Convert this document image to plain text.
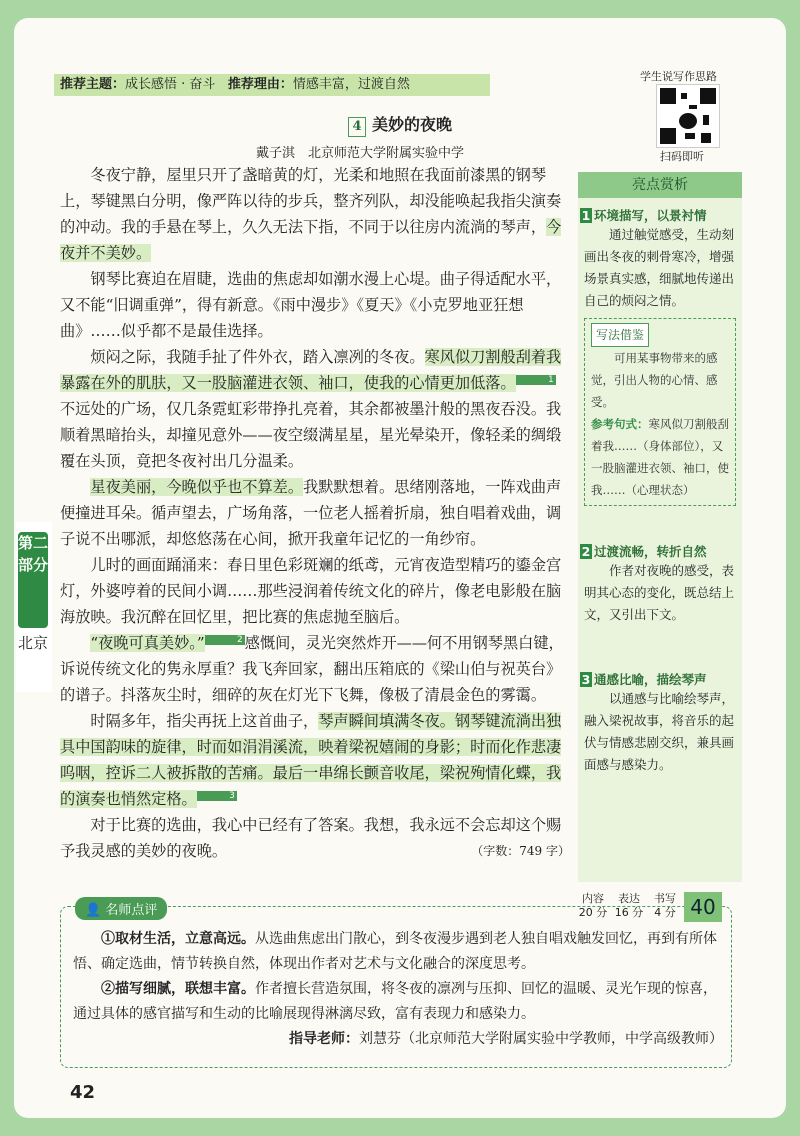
推荐主题：成长感悟 · 奋斗 推荐理由：情感丰富，过渡自然
学生说写作思路
扫码即听
4 美妙的夜晚
戴子淇　北京师范大学附属实验中学

冬夜宁静，屋里只开了盏暗黄的灯，光柔和地照在我面前漆黑的钢琴上，琴键黑白分明，像严阵以待的步兵，整齐列队，却没能唤起我指尖演奏的冲动。我的手悬在琴上，久久无法下指，不同于以往房内流淌的琴声，今夜并不美妙。

钢琴比赛迫在眉睫，选曲的焦虑却如潮水漫上心堤。曲子得适配水平，又不能“旧调重弹”，得有新意。《雨中漫步》《夏天》《小克罗地亚狂想曲》……似乎都不是最佳选择。

烦闷之际，我随手扯了件外衣，踏入凛冽的冬夜。寒风似刀割般刮着我暴露在外的肌肤，又一股脑灌进衣领、袖口，使我的心情更加低落。	1不远处的广场，仅几条霓虹彩带挣扎亮着，其余都被墨汁般的黑夜吞没。我顺着黑暗抬头，却撞见意外——夜空缀满星星，星光晕染开，像轻柔的绸缎覆在头顶，竟把冬夜衬出几分温柔。

星夜美丽，今晚似乎也不算差。我默默想着。思绪刚落地，一阵戏曲声便撞进耳朵。循声望去，广场角落，一位老人摇着折扇，独自唱着戏曲，调子说不出哪派，却悠悠荡在心间，掀开我童年记忆的一角纱帘。

儿时的画面踊涌来：春日里色彩斑斓的纸鸢，元宵夜造型精巧的鎏金宫灯，外婆哼着的民间小调……那些浸润着传统文化的碎片，像老电影般在脑海放映。我沉醉在回忆里，把比赛的焦虑抛至脑后。

“夜晚可真美妙。”	2 感慨间，灵光突然炸开——何不用钢琴黑白键，诉说传统文化的隽永厚重？我飞奔回家，翻出压箱底的《梁山伯与祝英台》的谱子。抖落灰尘时，细碎的灰在灯光下飞舞，像极了清晨金色的雾霭。

时隔多年，指尖再抚上这首曲子，琴声瞬间填满冬夜。钢琴键流淌出独具中国韵味的旋律，时而如涓涓溪流，映着梁祝嬉闹的身影；时而化作悲凄呜咽，控诉二人被拆散的苦痛。最后一串绵长颤音收尾，梁祝殉情化蝶，我的演奏也悄然定格。	3

对于比赛的选曲，我心中已经有了答案。我想，我永远不会忘却这个赐予我灵感的美妙的夜晚。	（字数：749 字）

亮点赏析
1 环境描写，以景衬情
通过触觉感受，生动刻画出冬夜的刺骨寒冷，增强场景真实感，细腻地传递出自己的烦闷之情。
写法借鉴
可用某事物带来的感觉，引出人物的心情、感受。
参考句式：寒风似刀割般刮着我……（身体部位），又一股脑灌进衣领、袖口，使我……（心理状态）
2 过渡流畅，转折自然
作者对夜晚的感受，表明其心态的变化，既总结上文，又引出下文。
3 通感比喻，描绘琴声
以通感与比喻绘琴声，融入梁祝故事，将音乐的起伏与情感悲剧交织，兼具画面感与感染力。
第二部分
北京
👤 名师点评

①取材生活，立意高远。从选曲焦虑出门散心，到冬夜漫步遇到老人独自唱戏触发回忆，再到有所体悟、确定选曲，情节转换自然，体现出作者对艺术与文化融合的深度思考。

②描写细腻，联想丰富。作者擅长营造氛围，将冬夜的凛冽与压抑、回忆的温暖、灵光乍现的惊喜，通过具体的感官描写和生动的比喻展现得淋漓尽致，富有表现力和感染力。

指导老师：刘慧芬（北京师范大学附属实验中学教师，中学高级教师）
内容
20 分
表达
16 分
书写
4 分 40
42
